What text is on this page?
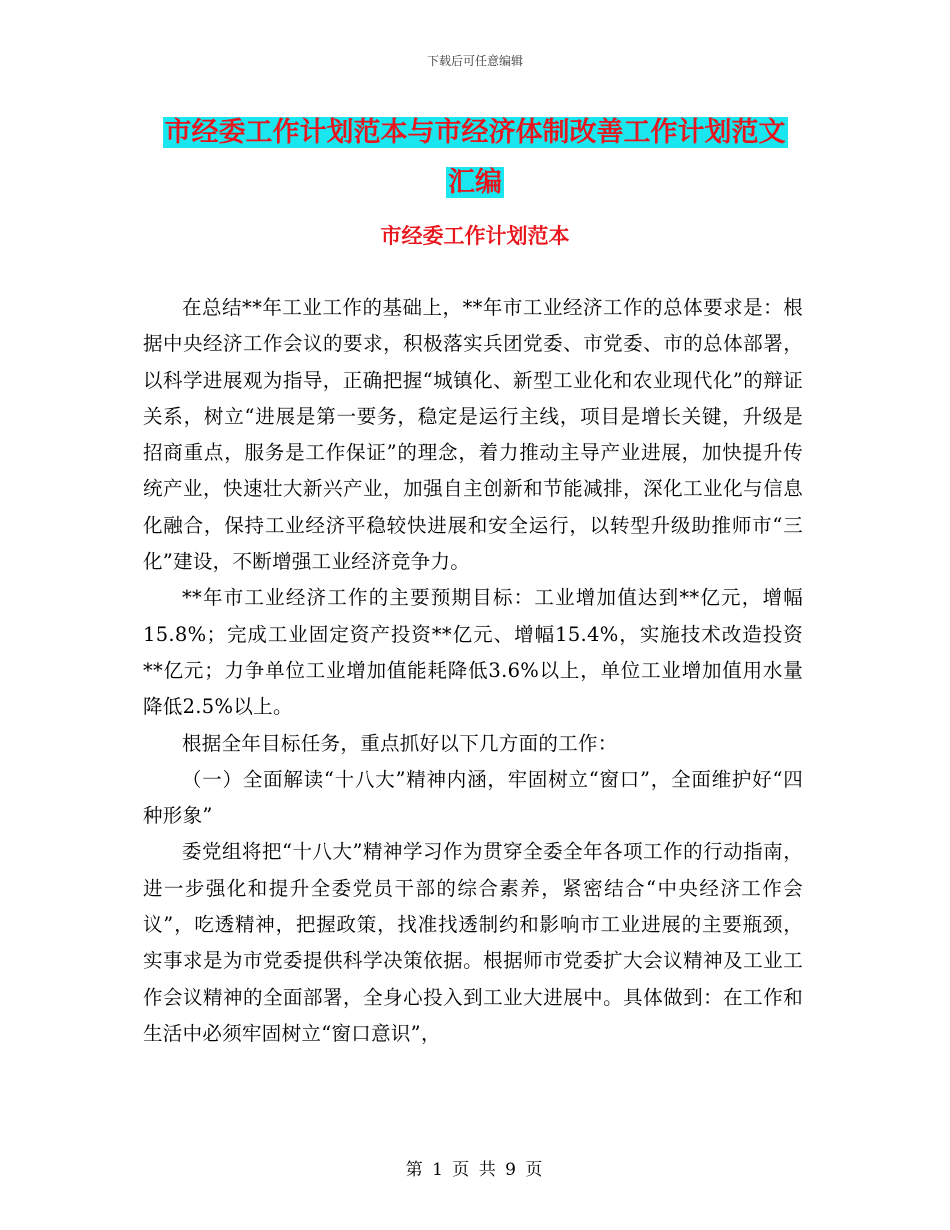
下载后可任意编辑
市经委工作计划范本与市经济体制改善工作计划范文
汇编
市经委工作计划范本

在总结**年工业工作的基础上，**年市工业经济工作的总体要求是：根据中央经济工作会议的要求，积极落实兵团党委、市党委、市的总体部署，以科学进展观为指导，正确把握“城镇化、新型工业化和农业现代化”的辩证关系，树立“进展是第一要务，稳定是运行主线，项目是增长关键，升级是招商重点，服务是工作保证”的理念，着力推动主导产业进展，加快提升传统产业，快速壮大新兴产业，加强自主创新和节能减排，深化工业化与信息化融合，保持工业经济平稳较快进展和安全运行，以转型升级助推师市“三化”建设，不断增强工业经济竞争力。

**年市工业经济工作的主要预期目标：工业增加值达到**亿元，增幅15.8%；完成工业固定资产投资**亿元、增幅15.4%，实施技术改造投资**亿元；力争单位工业增加值能耗降低3.6%以上，单位工业增加值用水量降低2.5%以上。

根据全年目标任务，重点抓好以下几方面的工作：

（一）全面解读“十八大”精神内涵，牢固树立“窗口”，全面维护好“四种形象”

委党组将把“十八大”精神学习作为贯穿全委全年各项工作的行动指南，进一步强化和提升全委党员干部的综合素养，紧密结合“中央经济工作会议”，吃透精神，把握政策，找准找透制约和影响市工业进展的主要瓶颈，实事求是为市党委提供科学决策依据。根据师市党委扩大会议精神及工业工作会议精神的全面部署，全身心投入到工业大进展中。具体做到：在工作和生活中必须牢固树立“窗口意识”，

第 1 页 共 9 页
